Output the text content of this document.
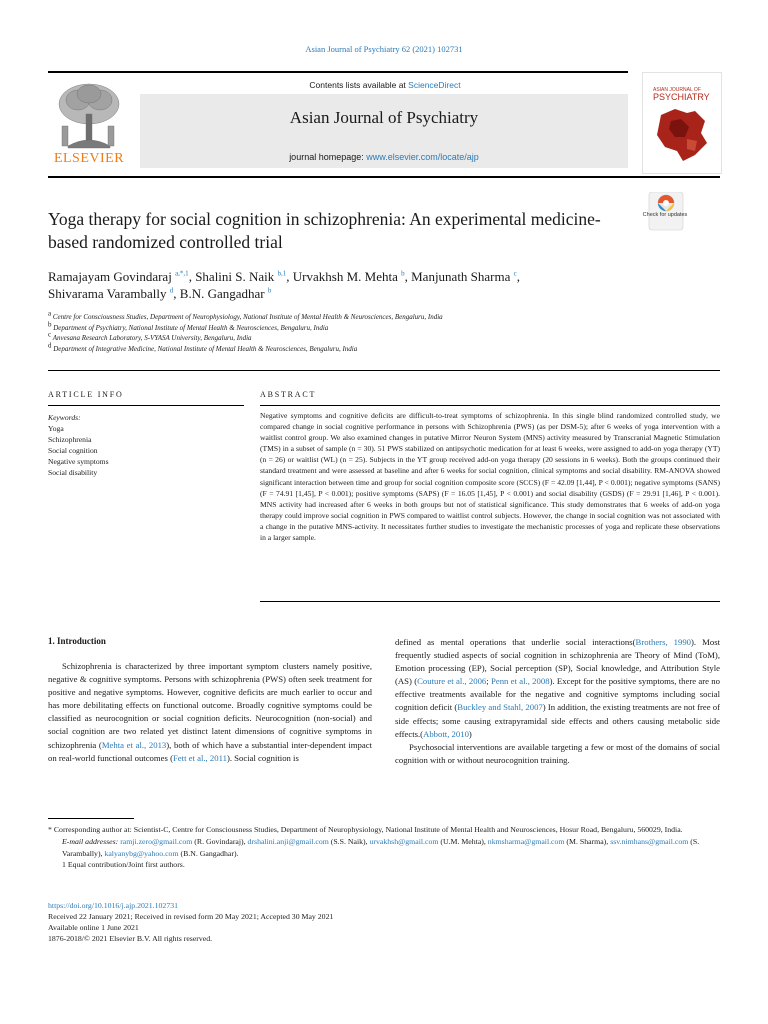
Asian Journal of Psychiatry 62 (2021) 102731
ELSEVIER
Contents lists available at ScienceDirect
Asian Journal of Psychiatry
journal homepage: www.elsevier.com/locate/ajp
ASIAN JOURNAL OF
PSYCHIATRY
Yoga therapy for social cognition in schizophrenia: An experimental medicine-based randomized controlled trial
Check for updates
Ramajayam Govindaraj $^{a,*,1}$, Shalini S. Naik $^{b,1}$, Urvakhsh M. Mehta $^b$, Manjunath Sharma $^c$,
Shivarama Varambally $^d$, B.N. Gangadhar $^b$
$^a$ Centre for Consciousness Studies, Department of Neurophysiology, National Institute of Mental Health & Neurosciences, Bengaluru, India
$^b$ Department of Psychiatry, National Institute of Mental Health & Neurosciences, Bengaluru, India
$^c$ Anvesana Research Laboratory, S-VYASA University, Bengaluru, India
$^d$ Department of Integrative Medicine, National Institute of Mental Health & Neurosciences, Bengaluru, India
ARTICLE INFO
Keywords:
Yoga
Schizophrenia
Social cognition
Negative symptoms
Social disability
ABSTRACT
Negative symptoms and cognitive deficits are difficult-to-treat symptoms of schizophrenia. In this single blind randomized controlled study, we compared change in social cognitive performance in persons with Schizophrenia (PWS) (as per DSM-5); after 6 weeks of yoga intervention with a waitlist control group. We also examined changes in putative Mirror Neuron System (MNS) activity measured by Transcranial Magnetic Stimulation (TMS) in a subset of sample (n = 30). 51 PWS stabilized on antipsychotic medication for at least 6 weeks, were assigned to add-on yoga therapy (YT) (n = 26) or waitlist (WL) (n = 25). Subjects in the YT group received add-on yoga therapy (20 sessions in 6 weeks). Both the groups continued their standard treatment and were assessed at baseline and after 6 weeks for social cognition, clinical symptoms and social disability. RM-ANOVA showed significant interaction between time and group for social cognition composite score (SCCS) (F = 42.09 [1,44], P < 0.001); negative symptoms (SANS) (F = 74.91 [1,45], P < 0.001); positive symptoms (SAPS) (F = 16.05 [1,45], P < 0.001) and social disability (GSDS) (F = 29.91 [1,46], P < 0.001). MNS activity had increased after 6 weeks in both groups but not of statistical significance. This study demonstrates that 6 weeks of add-on yoga therapy could improve social cognition in PWS compared to waitlist control subjects. However, the change in social cognition was not associated with a change in the putative MNS-activity. It necessitates further studies to investigate the mechanistic processes of yoga and replicate these observations in a larger sample.
1. Introduction
Schizophrenia is characterized by three important symptom clusters namely positive, negative & cognitive symptoms. Persons with schizophrenia (PWS) often seek treatment for positive and negative symptoms. However, cognitive deficits are much earlier to occur and has more debilitating effects on functional outcome. Broadly cognitive symptoms could be classified as neurocognition or social cognition deficits. Neurocognition (non-social) and social cognition are two related yet distinct latent dimensions of cognitive symptoms in schizophrenia (Mehta et al., 2013), both of which have a substantial inter-dependent impact on real-world functional outcomes (Fett et al., 2011). Social cognition is
defined as mental operations that underlie social interactions(Brothers, 1990). Most frequently studied aspects of social cognition in schizophrenia are Theory of Mind (ToM), Emotion processing (EP), Social perception (SP), Social knowledge, and Attribution Style (AS) (Couture et al., 2006; Penn et al., 2008). Except for the positive symptoms, there are no effective treatments available for the negative and cognitive symptoms including social cognition deficit (Buckley and Stahl, 2007) In addition, the existing treatments are not free of side effects; some causing extrapyramidal side effects and others causing metabolic side effects.(Abbott, 2010)
Psychosocial interventions are available targeting a few or most of the domains of social cognition with or without neurocognition training.
* Corresponding author at: Scientist-C, Centre for Consciousness Studies, Department of Neurophysiology, National Institute of Mental Health and Neurosciences, Hosur Road, Bengaluru, 560029, India.
E-mail addresses: ramji.zero@gmail.com (R. Govindaraj), drshalini.anji@gmail.com (S.S. Naik), urvakhsh@gmail.com (U.M. Mehta), nkmsharma@gmail.com (M. Sharma), ssv.nimhans@gmail.com (S. Varambally), kalyanybg@yahoo.com (B.N. Gangadhar).
1 Equal contribution/Joint first authors.
https://doi.org/10.1016/j.ajp.2021.102731
Received 22 January 2021; Received in revised form 20 May 2021; Accepted 30 May 2021
Available online 1 June 2021
1876-2018/© 2021 Elsevier B.V. All rights reserved.
